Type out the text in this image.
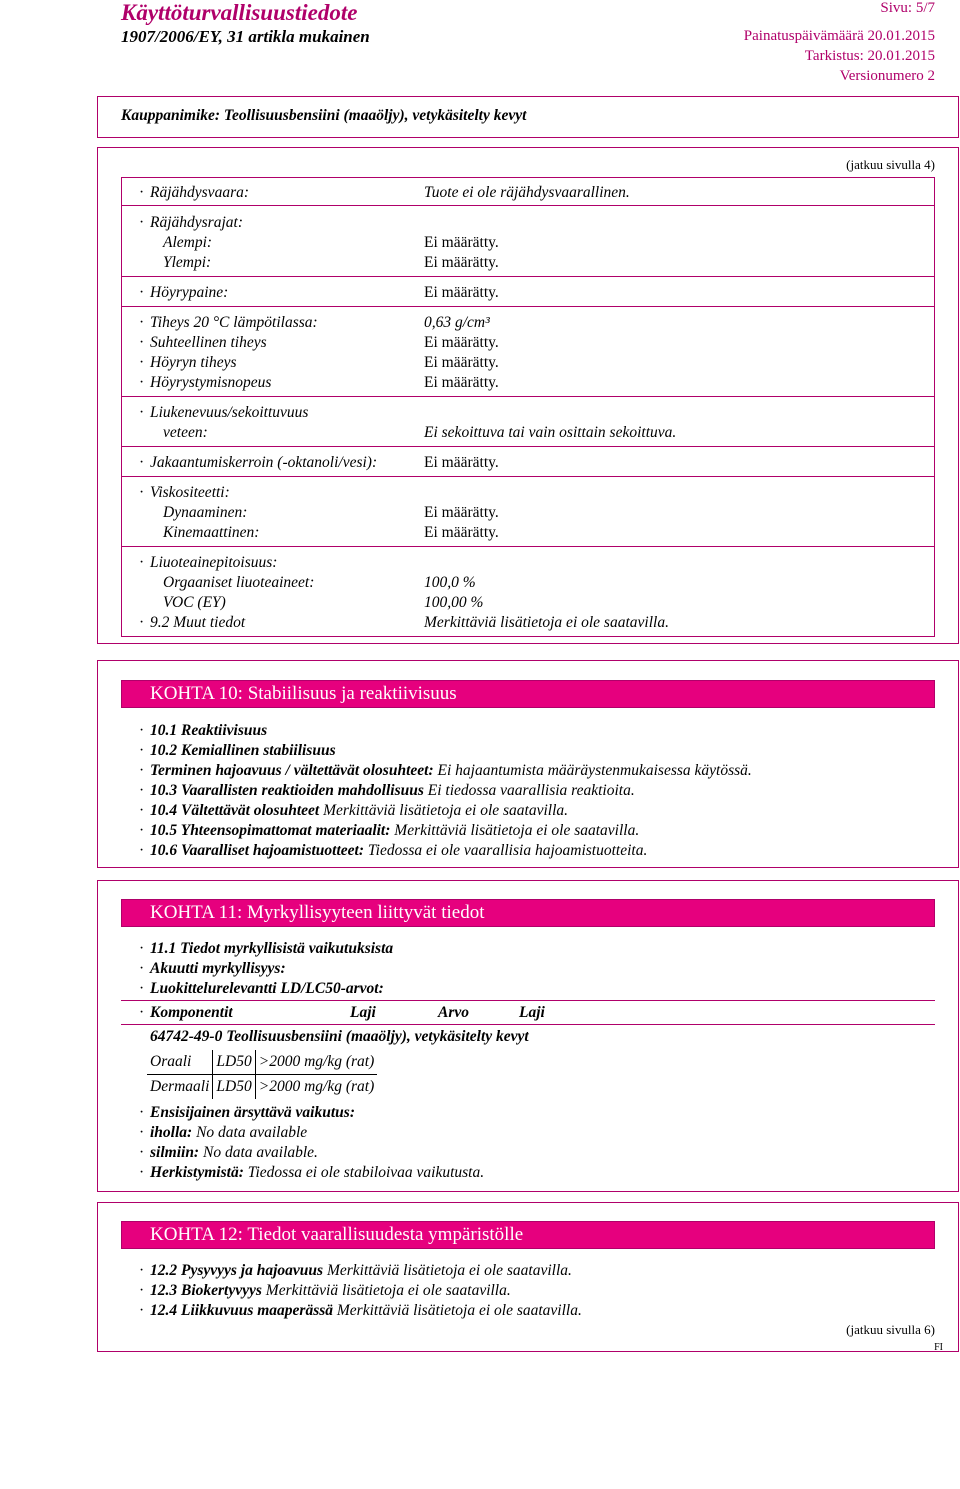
Käyttöturvallisuustiedote
1907/2006/EY, 31 artikla mukainen
Sivu: 5/7
Painatuspäivämäärä 20.01.2015
Tarkistus: 20.01.2015
Versionumero 2
Kauppanimike: Teollisuusbensiini (maaöljy), vetykäsitelty kevyt
(jatkuu sivulla 4)
· Räjähdysvaara:	Tuote ei ole räjähdysvaarallinen.
· Räjähdysrajat:
Alempi:	Ei määrätty.
Ylempi:	Ei määrätty.
· Höyrypaine:	Ei määrätty.
· Tiheys 20 °C lämpötilassa:	0,63 g/cm³
· Suhteellinen tiheys	Ei määrätty.
· Höyryn tiheys	Ei määrätty.
· Höyrystymisnopeus	Ei määrätty.
· Liukenevuus/sekoittuvuus
veteen:	Ei sekoittuva tai vain osittain sekoittuva.
· Jakaantumiskerroin (-oktanoli/vesi):	Ei määrätty.
· Viskositeetti:
Dynaaminen:	Ei määrätty.
Kinemaattinen:	Ei määrätty.
· Liuoteainepitoisuus:
Orgaaniset liuoteaineet:	100,0 %
VOC (EY)	100,00 %
· 9.2 Muut tiedot	Merkittäviä lisätietoja ei ole saatavilla.
KOHTA 10: Stabiilisuus ja reaktiivisuus
· 10.1 Reaktiivisuus
· 10.2 Kemiallinen stabiilisuus
· Terminen hajoavuus / vältettävät olosuhteet: Ei hajaantumista määräystenmukaisessa käytössä.
· 10.3 Vaarallisten reaktioiden mahdollisuus Ei tiedossa vaarallisia reaktioita.
· 10.4 Vältettävät olosuhteet Merkittäviä lisätietoja ei ole saatavilla.
· 10.5 Yhteensopimattomat materiaalit: Merkittäviä lisätietoja ei ole saatavilla.
· 10.6 Vaaralliset hajoamistuotteet: Tiedossa ei ole vaarallisia hajoamistuotteita.
KOHTA 11: Myrkyllisyyteen liittyvät tiedot
· 11.1 Tiedot myrkyllisistä vaikutuksista
· Akuutti myrkyllisyys:
· Luokittelurelevantti LD/LC50-arvot:
· Komponentit	Laji	Arvo	Laji
64742-49-0 Teollisuusbensiini (maaöljy), vetykäsitelty kevyt
Oraali	LD50	>2000 mg/kg (rat)
Dermaali	LD50	>2000 mg/kg (rat)
· Ensisijainen ärsyttävä vaikutus:
· iholla: No data available
· silmiin: No data available.
· Herkistymistä: Tiedossa ei ole stabiloivaa vaikutusta.
KOHTA 12: Tiedot vaarallisuudesta ympäristölle
· 12.2 Pysyvyys ja hajoavuus Merkittäviä lisätietoja ei ole saatavilla.
· 12.3 Biokertyvyys Merkittäviä lisätietoja ei ole saatavilla.
· 12.4 Liikkuvuus maaperässä Merkittäviä lisätietoja ei ole saatavilla.
(jatkuu sivulla 6)
FI
